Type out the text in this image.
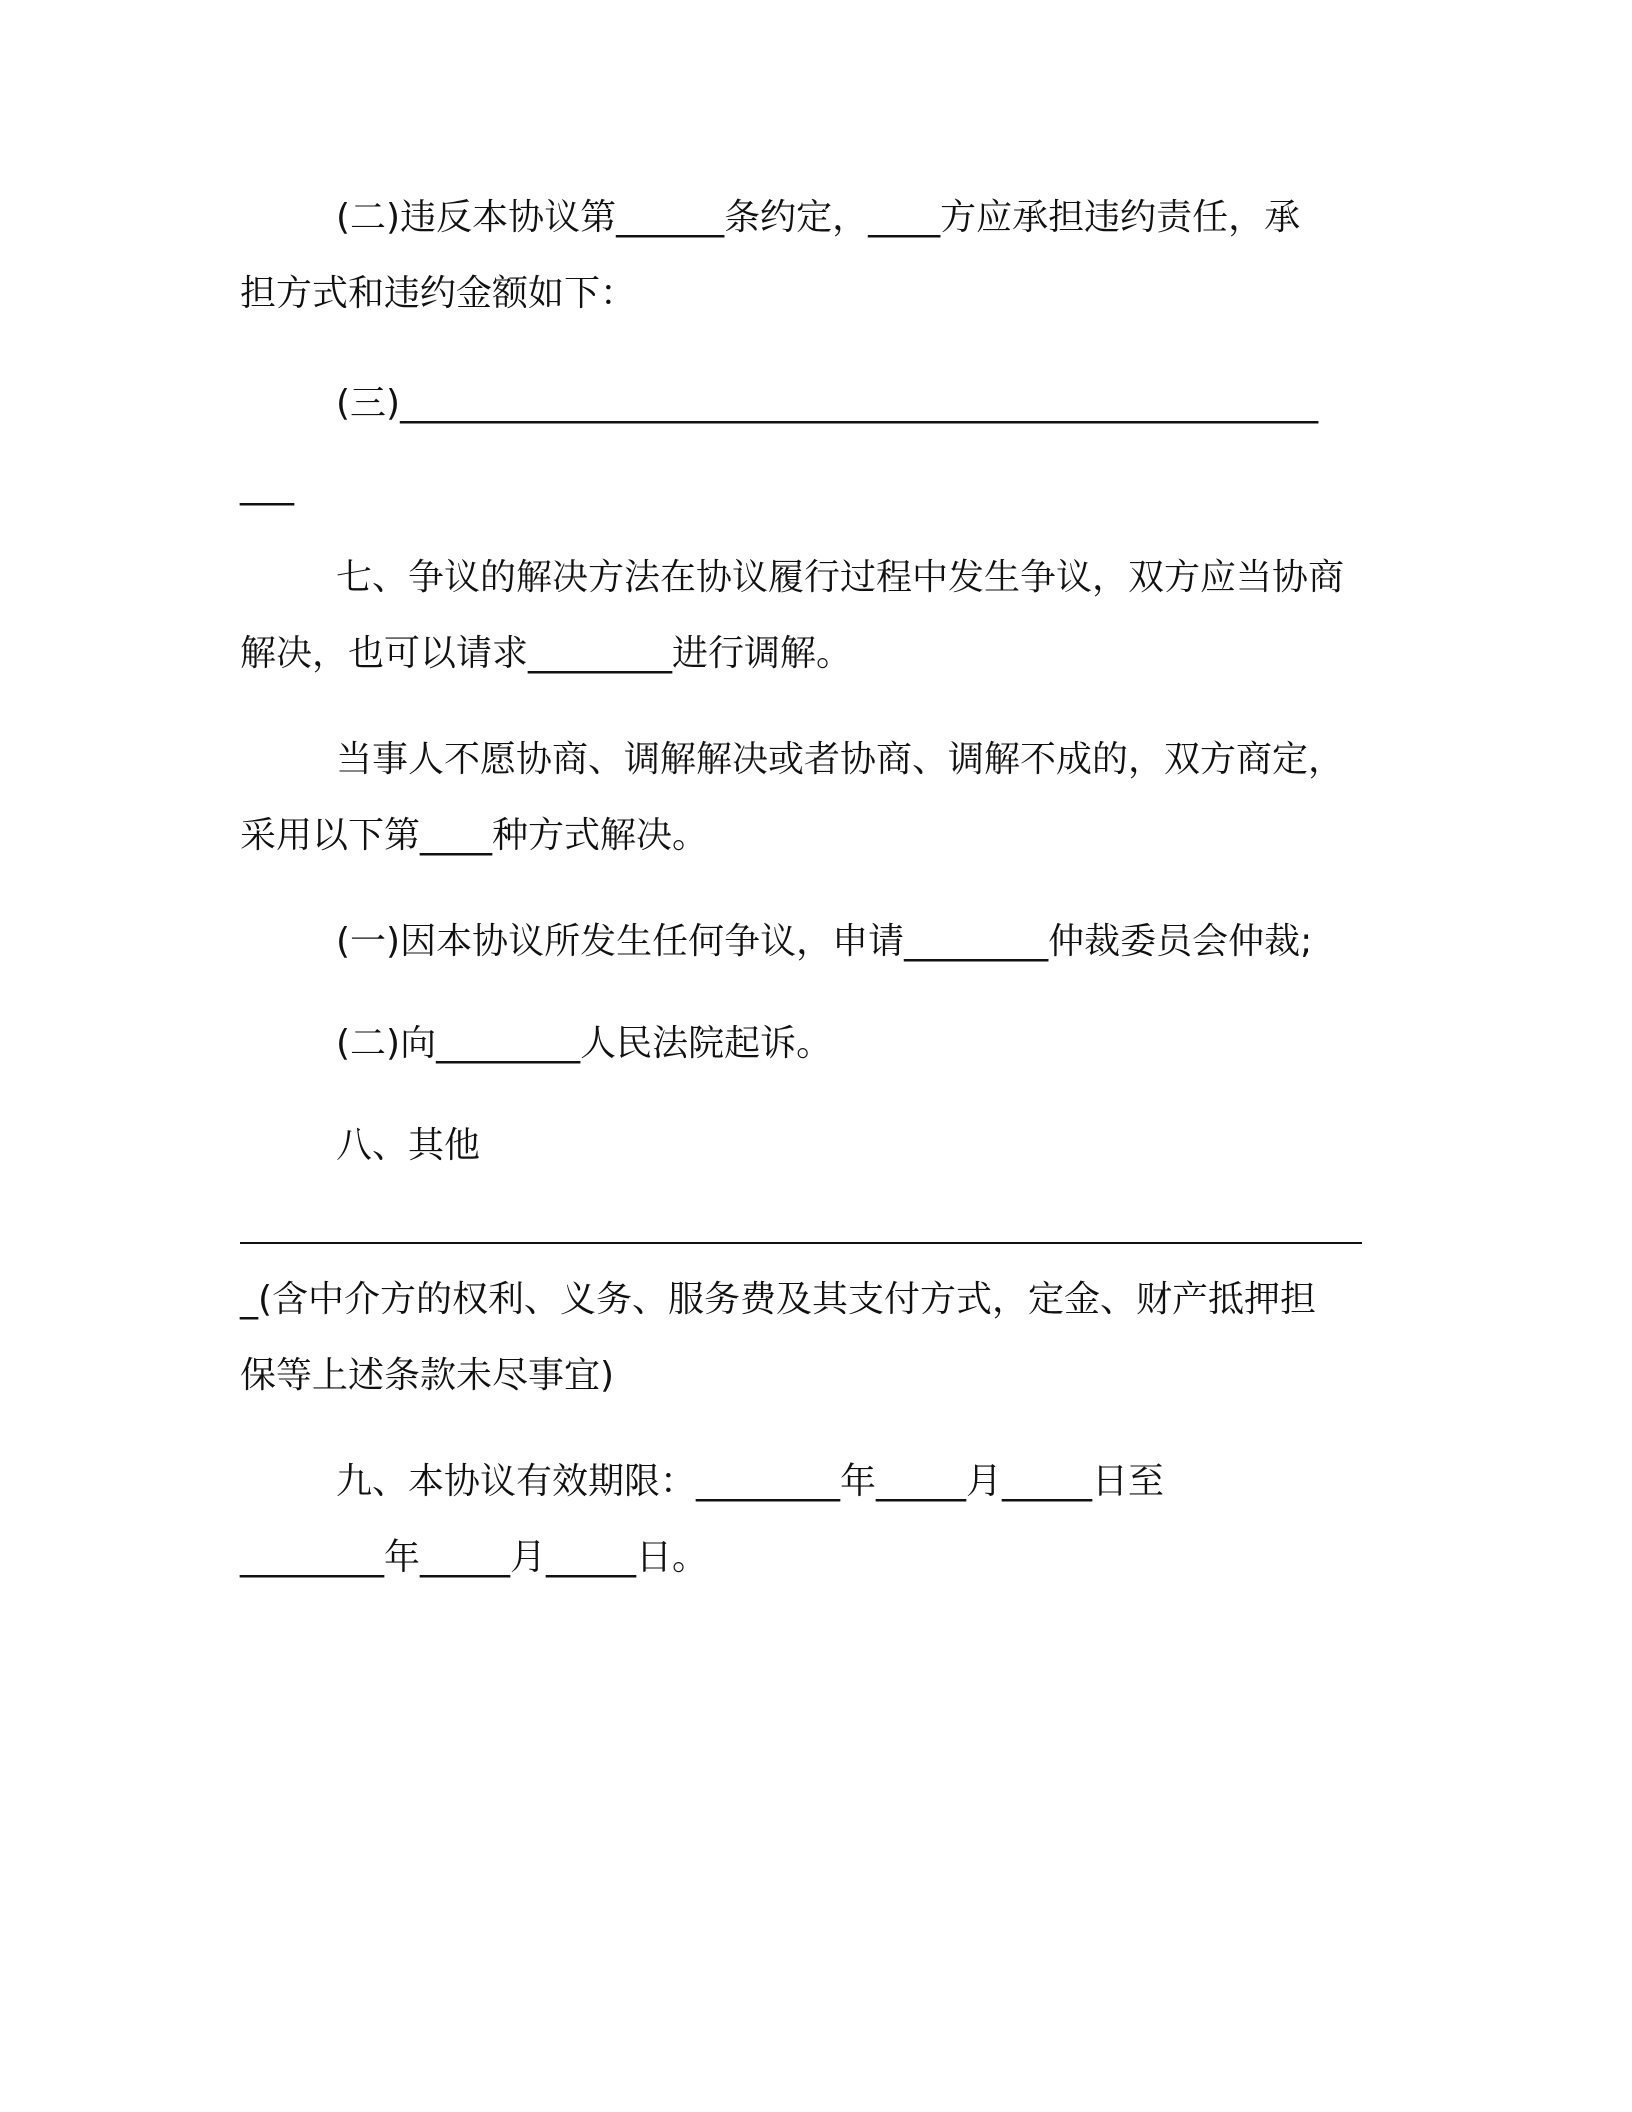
(二)违反本协议第______条约定，____方应承担违约责任，承
担方式和违约金额如下：
(三)___________________________________________________
___
七、争议的解决方法在协议履行过程中发生争议，双方应当协商
解决，也可以请求________进行调解。
当事人不愿协商、调解解决或者协商、调解不成的，双方商定，
采用以下第____种方式解决。
(一)因本协议所发生任何争议，申请________仲裁委员会仲裁;
(二)向________人民法院起诉。
八、其他
_(含中介方的权利、义务、服务费及其支付方式，定金、财产抵押担
保等上述条款未尽事宜)
九、本协议有效期限：________年_____月_____日至
________年_____月_____日。
